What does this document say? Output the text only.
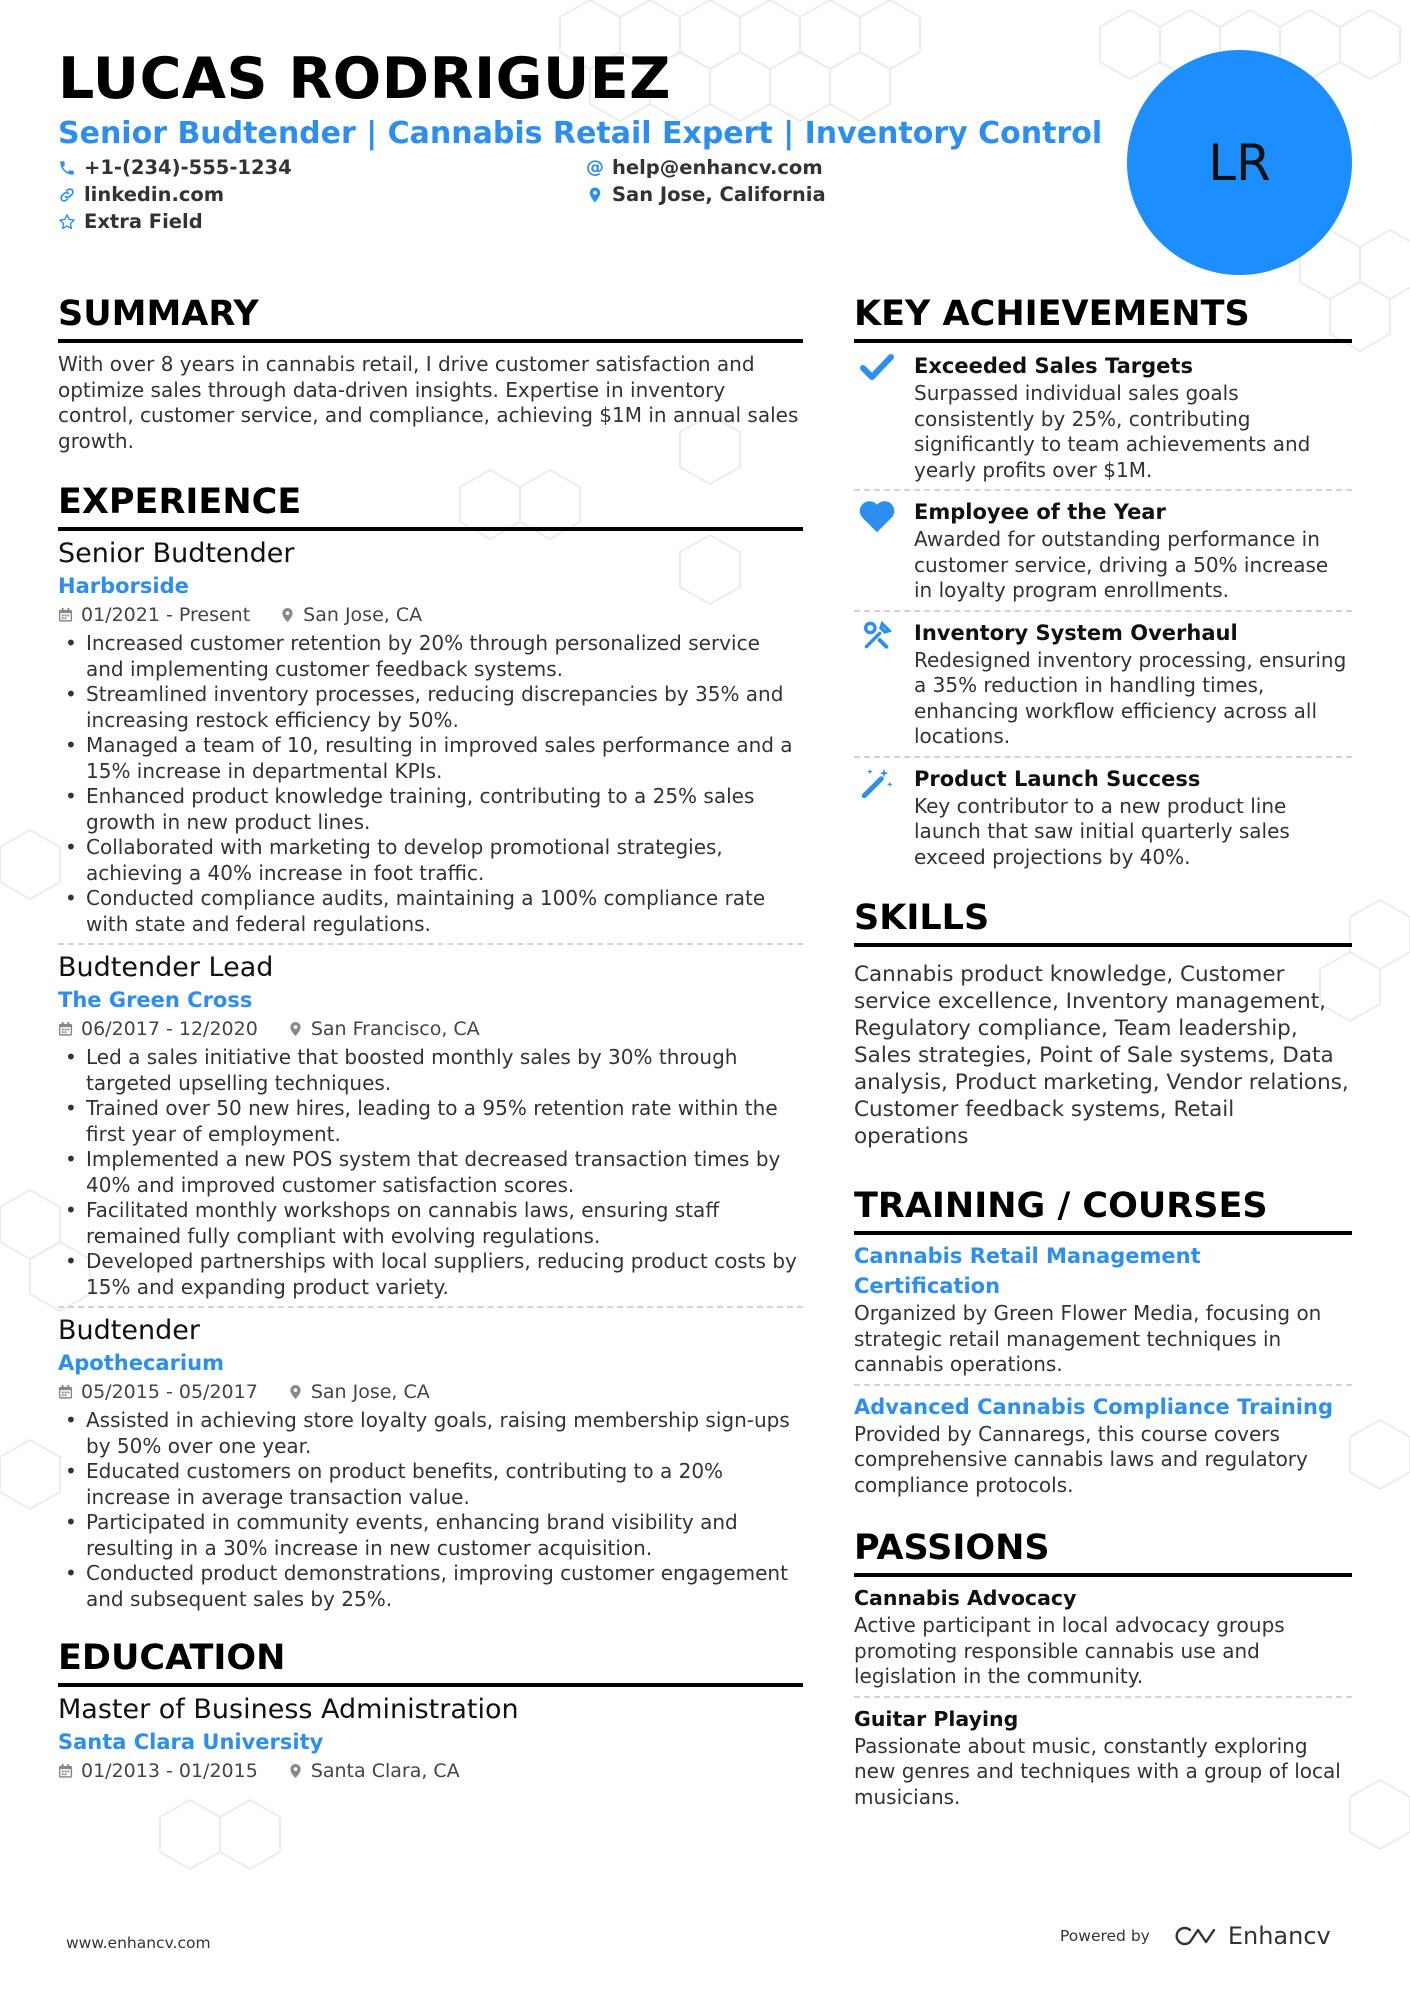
LUCAS RODRIGUEZ
Senior Budtender | Cannabis Retail Expert | Inventory Control
+1-(234)-555-1234	@ help@enhancv.com
linkedin.com	San Jose, California
Extra Field
LR
SUMMARY
With over 8 years in cannabis retail, I drive customer satisfaction and optimize sales through data-driven insights. Expertise in inventory control, customer service, and compliance, achieving $1M in annual sales growth.
EXPERIENCE
Senior Budtender
Harborside
01/2021 - Present	San Jose, CA
• Increased customer retention by 20% through personalized service and implementing customer feedback systems.
• Streamlined inventory processes, reducing discrepancies by 35% and increasing restock efficiency by 50%.
• Managed a team of 10, resulting in improved sales performance and a 15% increase in departmental KPIs.
• Enhanced product knowledge training, contributing to a 25% sales growth in new product lines.
• Collaborated with marketing to develop promotional strategies, achieving a 40% increase in foot traffic.
• Conducted compliance audits, maintaining a 100% compliance rate with state and federal regulations.
Budtender Lead
The Green Cross
06/2017 - 12/2020	San Francisco, CA
• Led a sales initiative that boosted monthly sales by 30% through targeted upselling techniques.
• Trained over 50 new hires, leading to a 95% retention rate within the first year of employment.
• Implemented a new POS system that decreased transaction times by 40% and improved customer satisfaction scores.
• Facilitated monthly workshops on cannabis laws, ensuring staff remained fully compliant with evolving regulations.
• Developed partnerships with local suppliers, reducing product costs by 15% and expanding product variety.
Budtender
Apothecarium
05/2015 - 05/2017	San Jose, CA
• Assisted in achieving store loyalty goals, raising membership sign-ups by 50% over one year.
• Educated customers on product benefits, contributing to a 20% increase in average transaction value.
• Participated in community events, enhancing brand visibility and resulting in a 30% increase in new customer acquisition.
• Conducted product demonstrations, improving customer engagement and subsequent sales by 25%.
EDUCATION
Master of Business Administration
Santa Clara University
01/2013 - 01/2015	Santa Clara, CA
KEY ACHIEVEMENTS
Exceeded Sales Targets
Surpassed individual sales goals consistently by 25%, contributing significantly to team achievements and yearly profits over $1M.
Employee of the Year
Awarded for outstanding performance in customer service, driving a 50% increase in loyalty program enrollments.
Inventory System Overhaul
Redesigned inventory processing, ensuring a 35% reduction in handling times, enhancing workflow efficiency across all locations.
Product Launch Success
Key contributor to a new product line launch that saw initial quarterly sales exceed projections by 40%.
SKILLS
Cannabis product knowledge, Customer service excellence, Inventory management, Regulatory compliance, Team leadership, Sales strategies, Point of Sale systems, Data analysis, Product marketing, Vendor relations, Customer feedback systems, Retail operations
TRAINING / COURSES
Cannabis Retail Management Certification
Organized by Green Flower Media, focusing on strategic retail management techniques in cannabis operations.
Advanced Cannabis Compliance Training
Provided by Cannaregs, this course covers comprehensive cannabis laws and regulatory compliance protocols.
PASSIONS
Cannabis Advocacy
Active participant in local advocacy groups promoting responsible cannabis use and legislation in the community.
Guitar Playing
Passionate about music, constantly exploring new genres and techniques with a group of local musicians.
www.enhancv.com	Powered by	Enhancv
